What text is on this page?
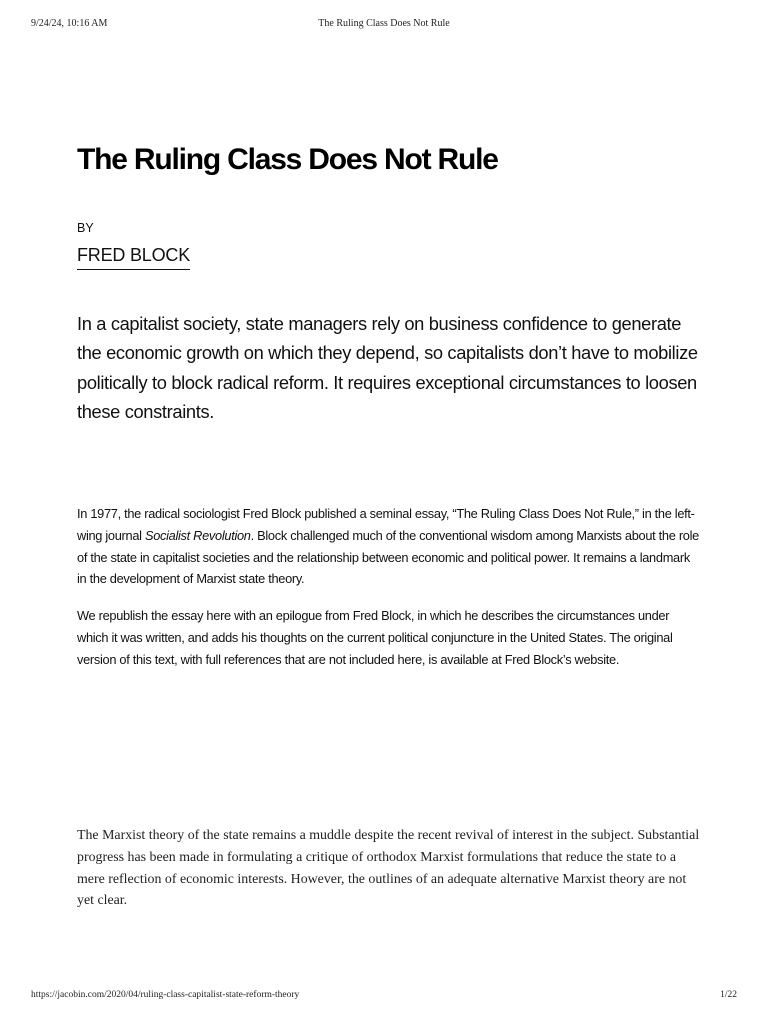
9/24/24, 10:16 AM	The Ruling Class Does Not Rule
The Ruling Class Does Not Rule
BY
FRED BLOCK

In a capitalist society, state managers rely on business confidence to generate the economic growth on which they depend, so capitalists don’t have to mobilize politically to block radical reform. It requires exceptional circumstances to loosen these constraints.

In 1977, the radical sociologist Fred Block published a seminal essay, “The Ruling Class Does Not Rule,” in the left-wing journal Socialist Revolution. Block challenged much of the conventional wisdom among Marxists about the role of the state in capitalist societies and the relationship between economic and political power. It remains a landmark in the development of Marxist state theory.

We republish the essay here with an epilogue from Fred Block, in which he describes the circumstances under which it was written, and adds his thoughts on the current political conjuncture in the United States. The original version of this text, with full references that are not included here, is available at Fred Block’s website.

The Marxist theory of the state remains a muddle despite the recent revival of interest in the subject. Substantial progress has been made in formulating a critique of orthodox Marxist formulations that reduce the state to a mere reflection of economic interests. However, the outlines of an adequate alternative Marxist theory are not yet clear.

https://jacobin.com/2020/04/ruling-class-capitalist-state-reform-theory	1/22
